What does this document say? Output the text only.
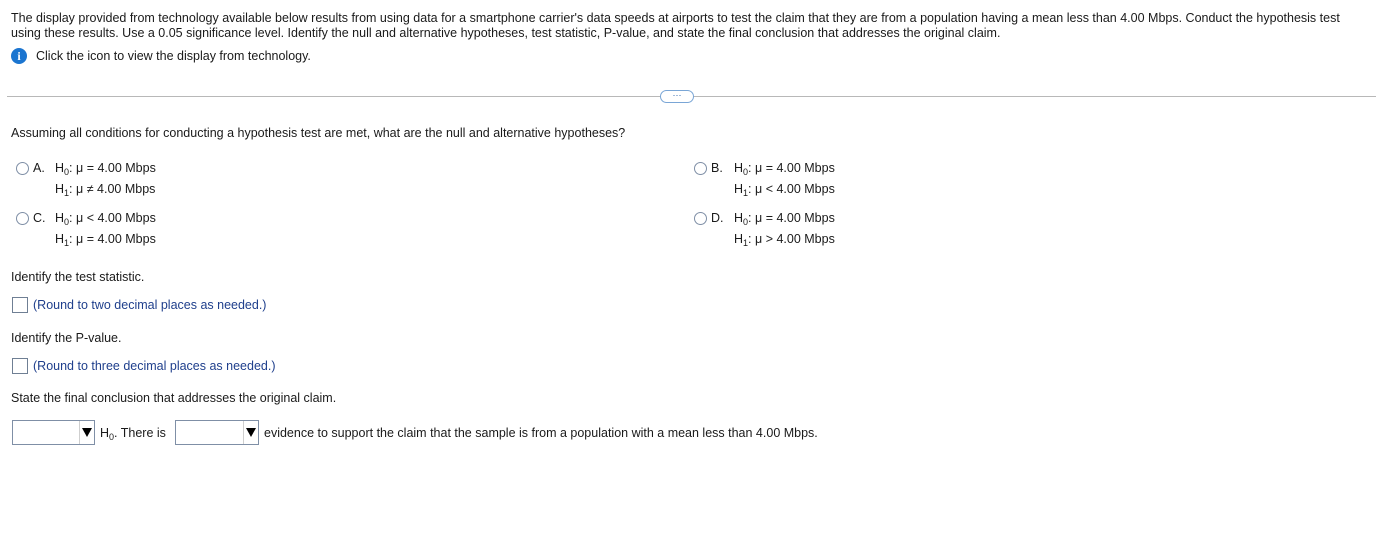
The display provided from technology available below results from using data for a smartphone carrier's data speeds at airports to test the claim that they are from a population having a mean less than 4.00 Mbps. Conduct the hypothesis test using these results. Use a 0.05 significance level. Identify the null and alternative hypotheses, test statistic, P-value, and state the final conclusion that addresses the original claim.
i	Click the icon to view the display from technology.
⋯
Assuming all conditions for conducting a hypothesis test are met, what are the null and alternative hypotheses?
A. $H_0$: μ = 4.00 Mbps
$H_1$: μ ≠ 4.00 Mbps
B. $H_0$: μ = 4.00 Mbps
$H_1$: μ < 4.00 Mbps
C. $H_0$: μ < 4.00 Mbps
$H_1$: μ = 4.00 Mbps
D. $H_0$: μ = 4.00 Mbps
$H_1$: μ > 4.00 Mbps
Identify the test statistic.
(Round to two decimal places as needed.)
Identify the P-value.
(Round to three decimal places as needed.)
State the final conclusion that addresses the original claim.
$H_0$. There is	evidence to support the claim that the sample is from a population with a mean less than 4.00 Mbps.
